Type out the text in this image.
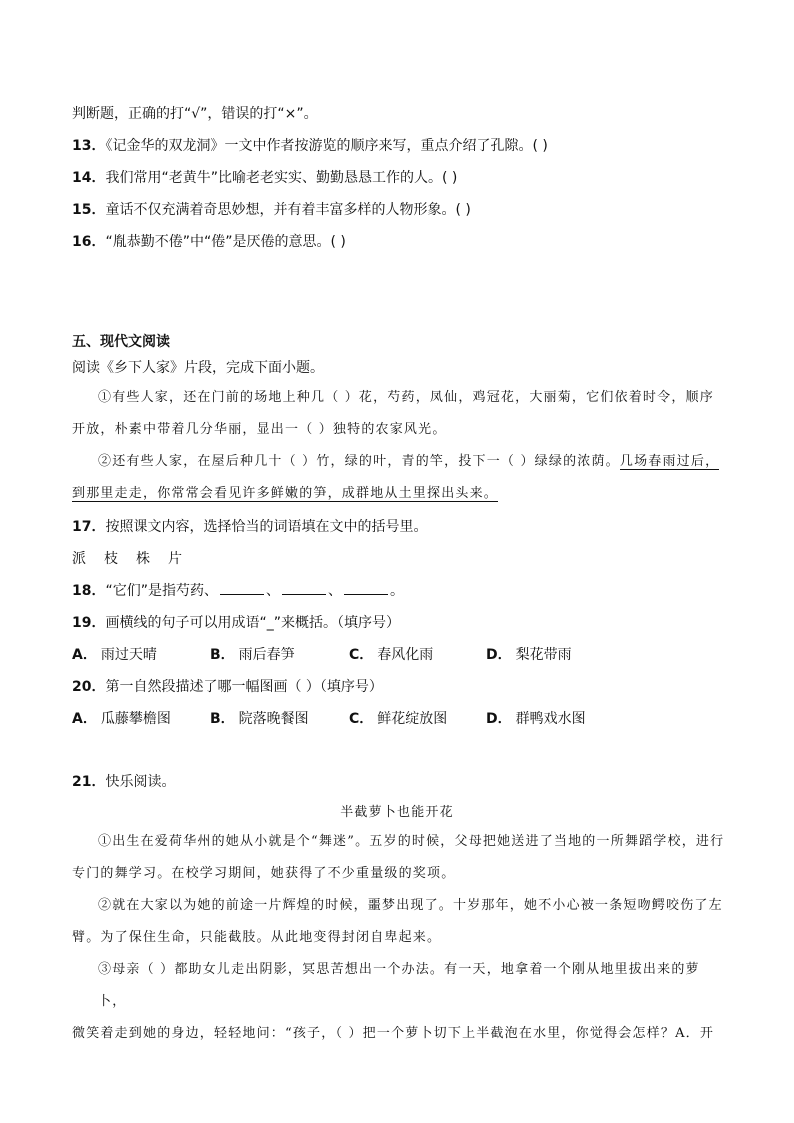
判断题，正确的打“√”，错误的打“×”。
13．《记金华的双龙洞》一文中作者按游览的顺序来写，重点介绍了孔隙。( )
14．我们常用“老黄牛”比喻老老实实、勤勤恳恳工作的人。( )
15．童话不仅充满着奇思妙想，并有着丰富多样的人物形象。( )
16．“胤恭勤不倦”中“倦”是厌倦的意思。( )
五、现代文阅读
阅读《乡下人家》片段，完成下面小题。
①有些人家，还在门前的场地上种几（ ）花，芍药，凤仙，鸡冠花，大丽菊，它们依着时令，顺序
开放，朴素中带着几分华丽，显出一（ ）独特的农家风光。
②还有些人家，在屋后种几十（ ）竹，绿的叶，青的竿，投下一（ ）绿绿的浓荫。几场春雨过后，
到那里走走，你常常会看见许多鲜嫩的笋，成群地从土里探出头来。
17．按照课文内容，选择恰当的词语填在文中的括号里。
派 枝 株 片
18．“它们”是指芍药、	、	、	。
19．画横线的句子可以用成语“_”来概括。（填序号）
A． 雨过天晴	B． 雨后春笋	C． 春风化雨	D． 梨花带雨
20．第一自然段描述了哪一幅图画（ ）（填序号）
A． 瓜藤攀檐图	B． 院落晚餐图	C． 鲜花绽放图	D． 群鸭戏水图
21．快乐阅读。
半截萝卜也能开花
①出生在爱荷华州的她从小就是个“舞迷”。五岁的时候，父母把她送进了当地的一所舞蹈学校，进行
专门的舞学习。在校学习期间，她获得了不少重量级的奖项。
②就在大家以为她的前途一片辉煌的时候，噩梦出现了。十岁那年，她不小心被一条短吻鳄咬伤了左
臂。为了保住生命，只能截肢。从此地变得封闭自卑起来。
③母亲（ ）都助女儿走出阴影，冥思苦想出一个办法。有一天，地拿着一个刚从地里拔出来的萝卜，
微笑着走到她的身边，轻轻地问：“孩子，（ ）把一个萝卜切下上半截泡在水里，你觉得会怎样？A．开
